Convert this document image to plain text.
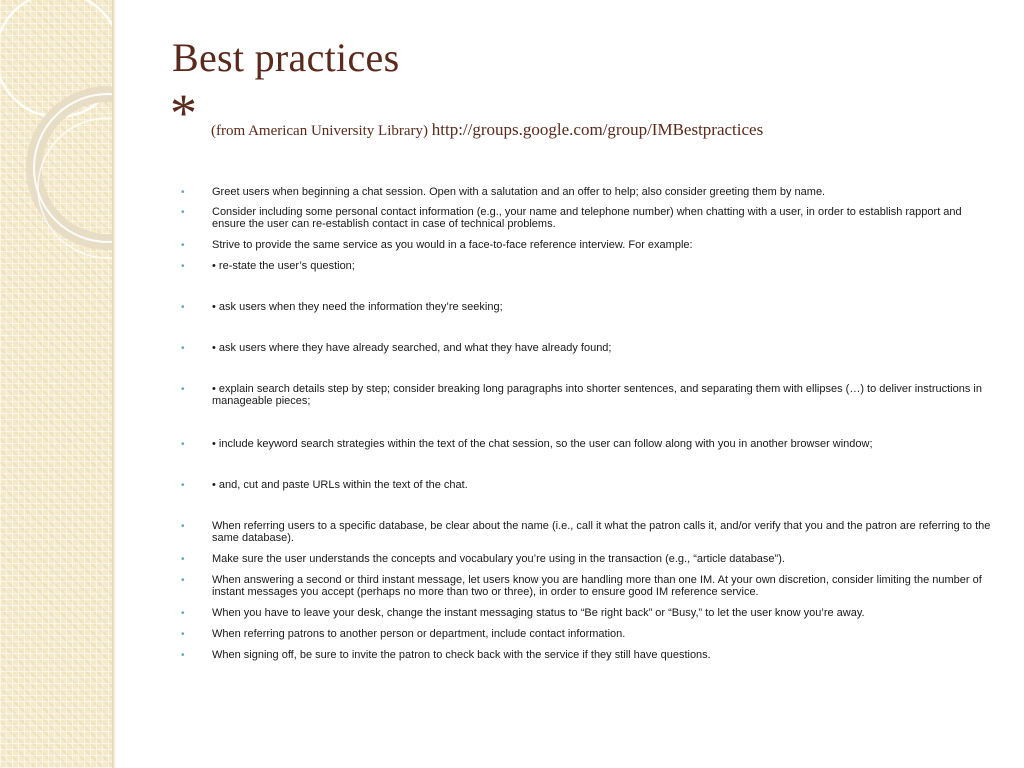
Best practices
* (from American University Library) http://groups.google.com/group/IMBestpractices
• Greet users when beginning a chat session. Open with a salutation and an offer to help; also consider greeting them by name.
• Consider including some personal contact information (e.g., your name and telephone number) when chatting with a user, in order to establish rapport and ensure the user can re-establish contact in case of technical problems.
• Strive to provide the same service as you would in a face-to-face reference interview. For example:
• • re-state the user’s question;
• • ask users when they need the information they’re seeking;
• • ask users where they have already searched, and what they have already found;
• • explain search details step by step; consider breaking long paragraphs into shorter sentences, and separating them with ellipses (…) to deliver instructions in manageable pieces;
• • include keyword search strategies within the text of the chat session, so the user can follow along with you in another browser window;
• • and, cut and paste URLs within the text of the chat.
• When referring users to a specific database, be clear about the name (i.e., call it what the patron calls it, and/or verify that you and the patron are referring to the same database).
• Make sure the user understands the concepts and vocabulary you’re using in the transaction (e.g., “article database”).
• When answering a second or third instant message, let users know you are handling more than one IM. At your own discretion, consider limiting the number of instant messages you accept (perhaps no more than two or three), in order to ensure good IM reference service.
• When you have to leave your desk, change the instant messaging status to “Be right back” or “Busy,” to let the user know you’re away.
• When referring patrons to another person or department, include contact information.
• When signing off, be sure to invite the patron to check back with the service if they still have questions.
